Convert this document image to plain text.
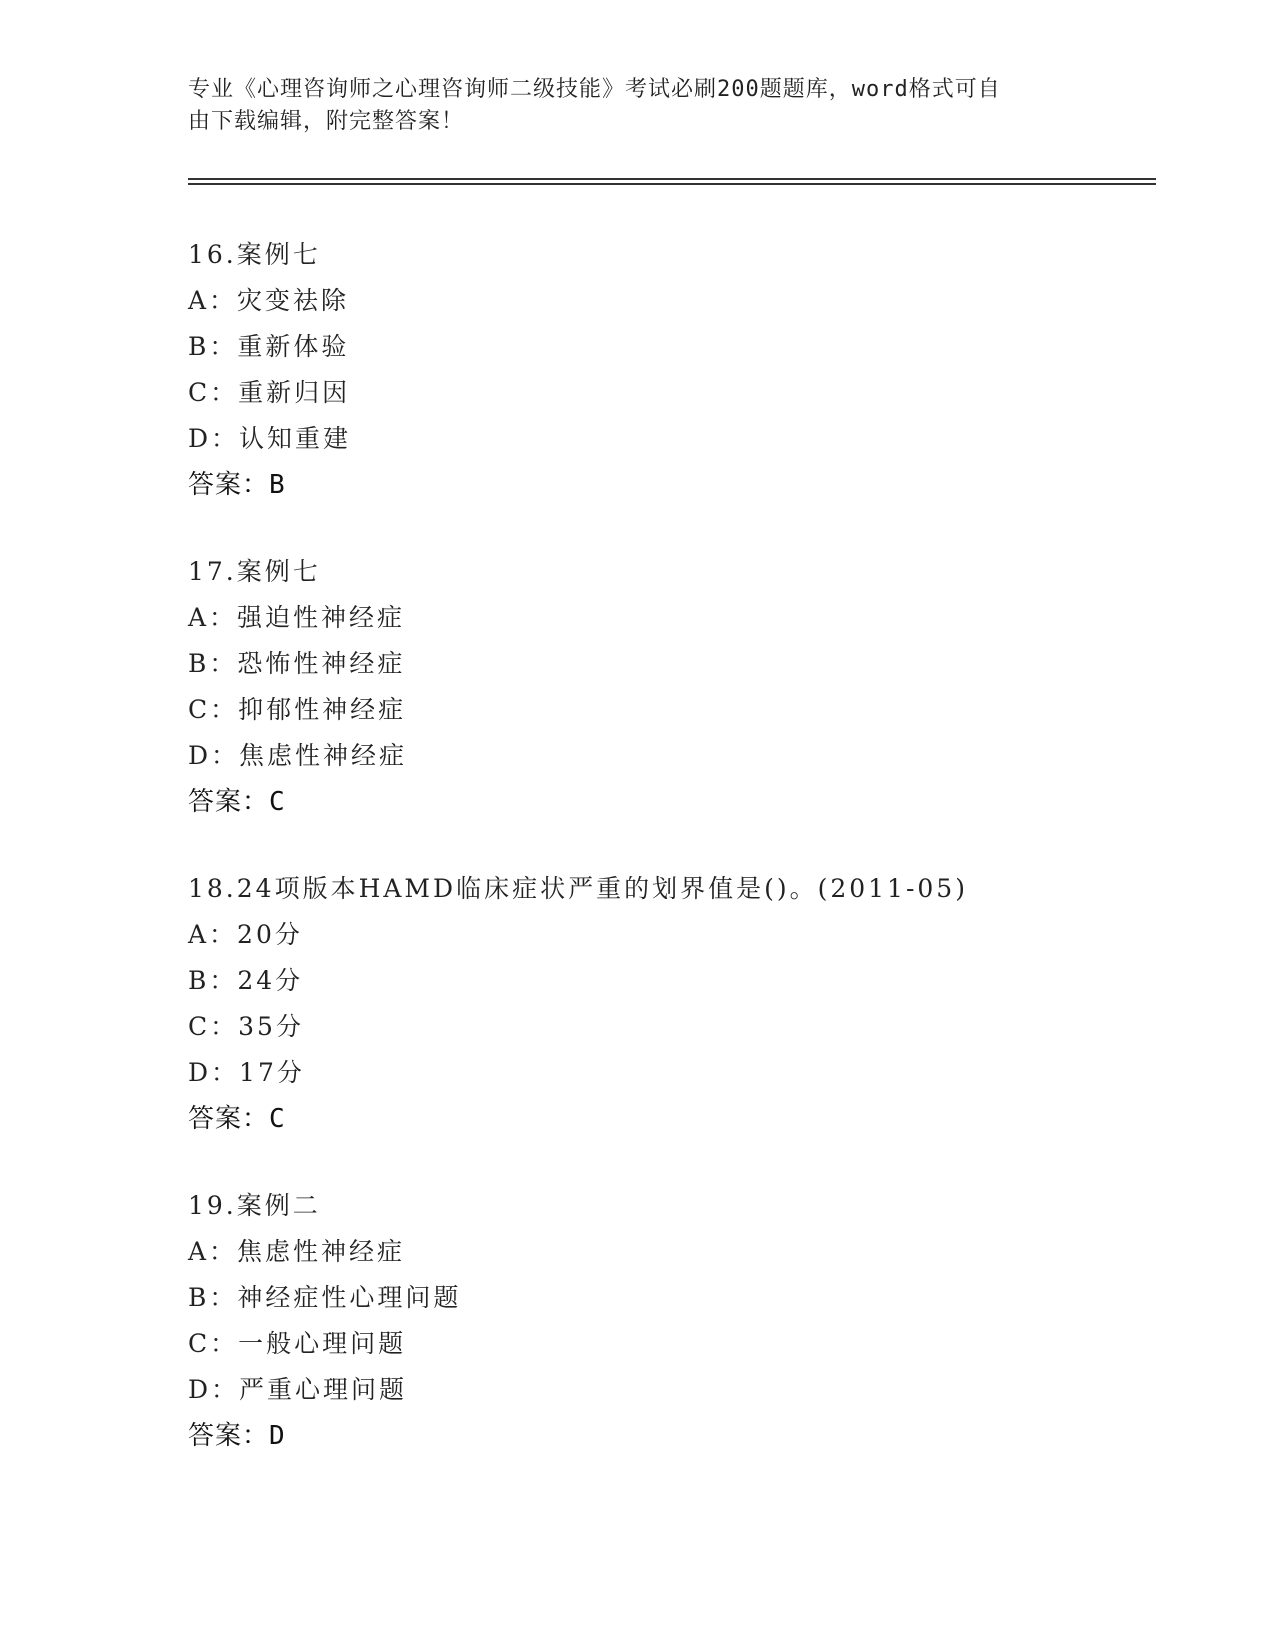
专业《心理咨询师之心理咨询师二级技能》考试必刷200题题库，word格式可自
由下载编辑，附完整答案！
16.案例七
A：灾变祛除
B：重新体验
C：重新归因
D：认知重建
答案：B
17.案例七
A：强迫性神经症
B：恐怖性神经症
C：抑郁性神经症
D：焦虑性神经症
答案：C
18.24项版本HAMD临床症状严重的划界值是()。(2011-05)
A：20分
B：24分
C：35分
D：17分
答案：C
19.案例二
A：焦虑性神经症
B：神经症性心理问题
C：一般心理问题
D：严重心理问题
答案：D
